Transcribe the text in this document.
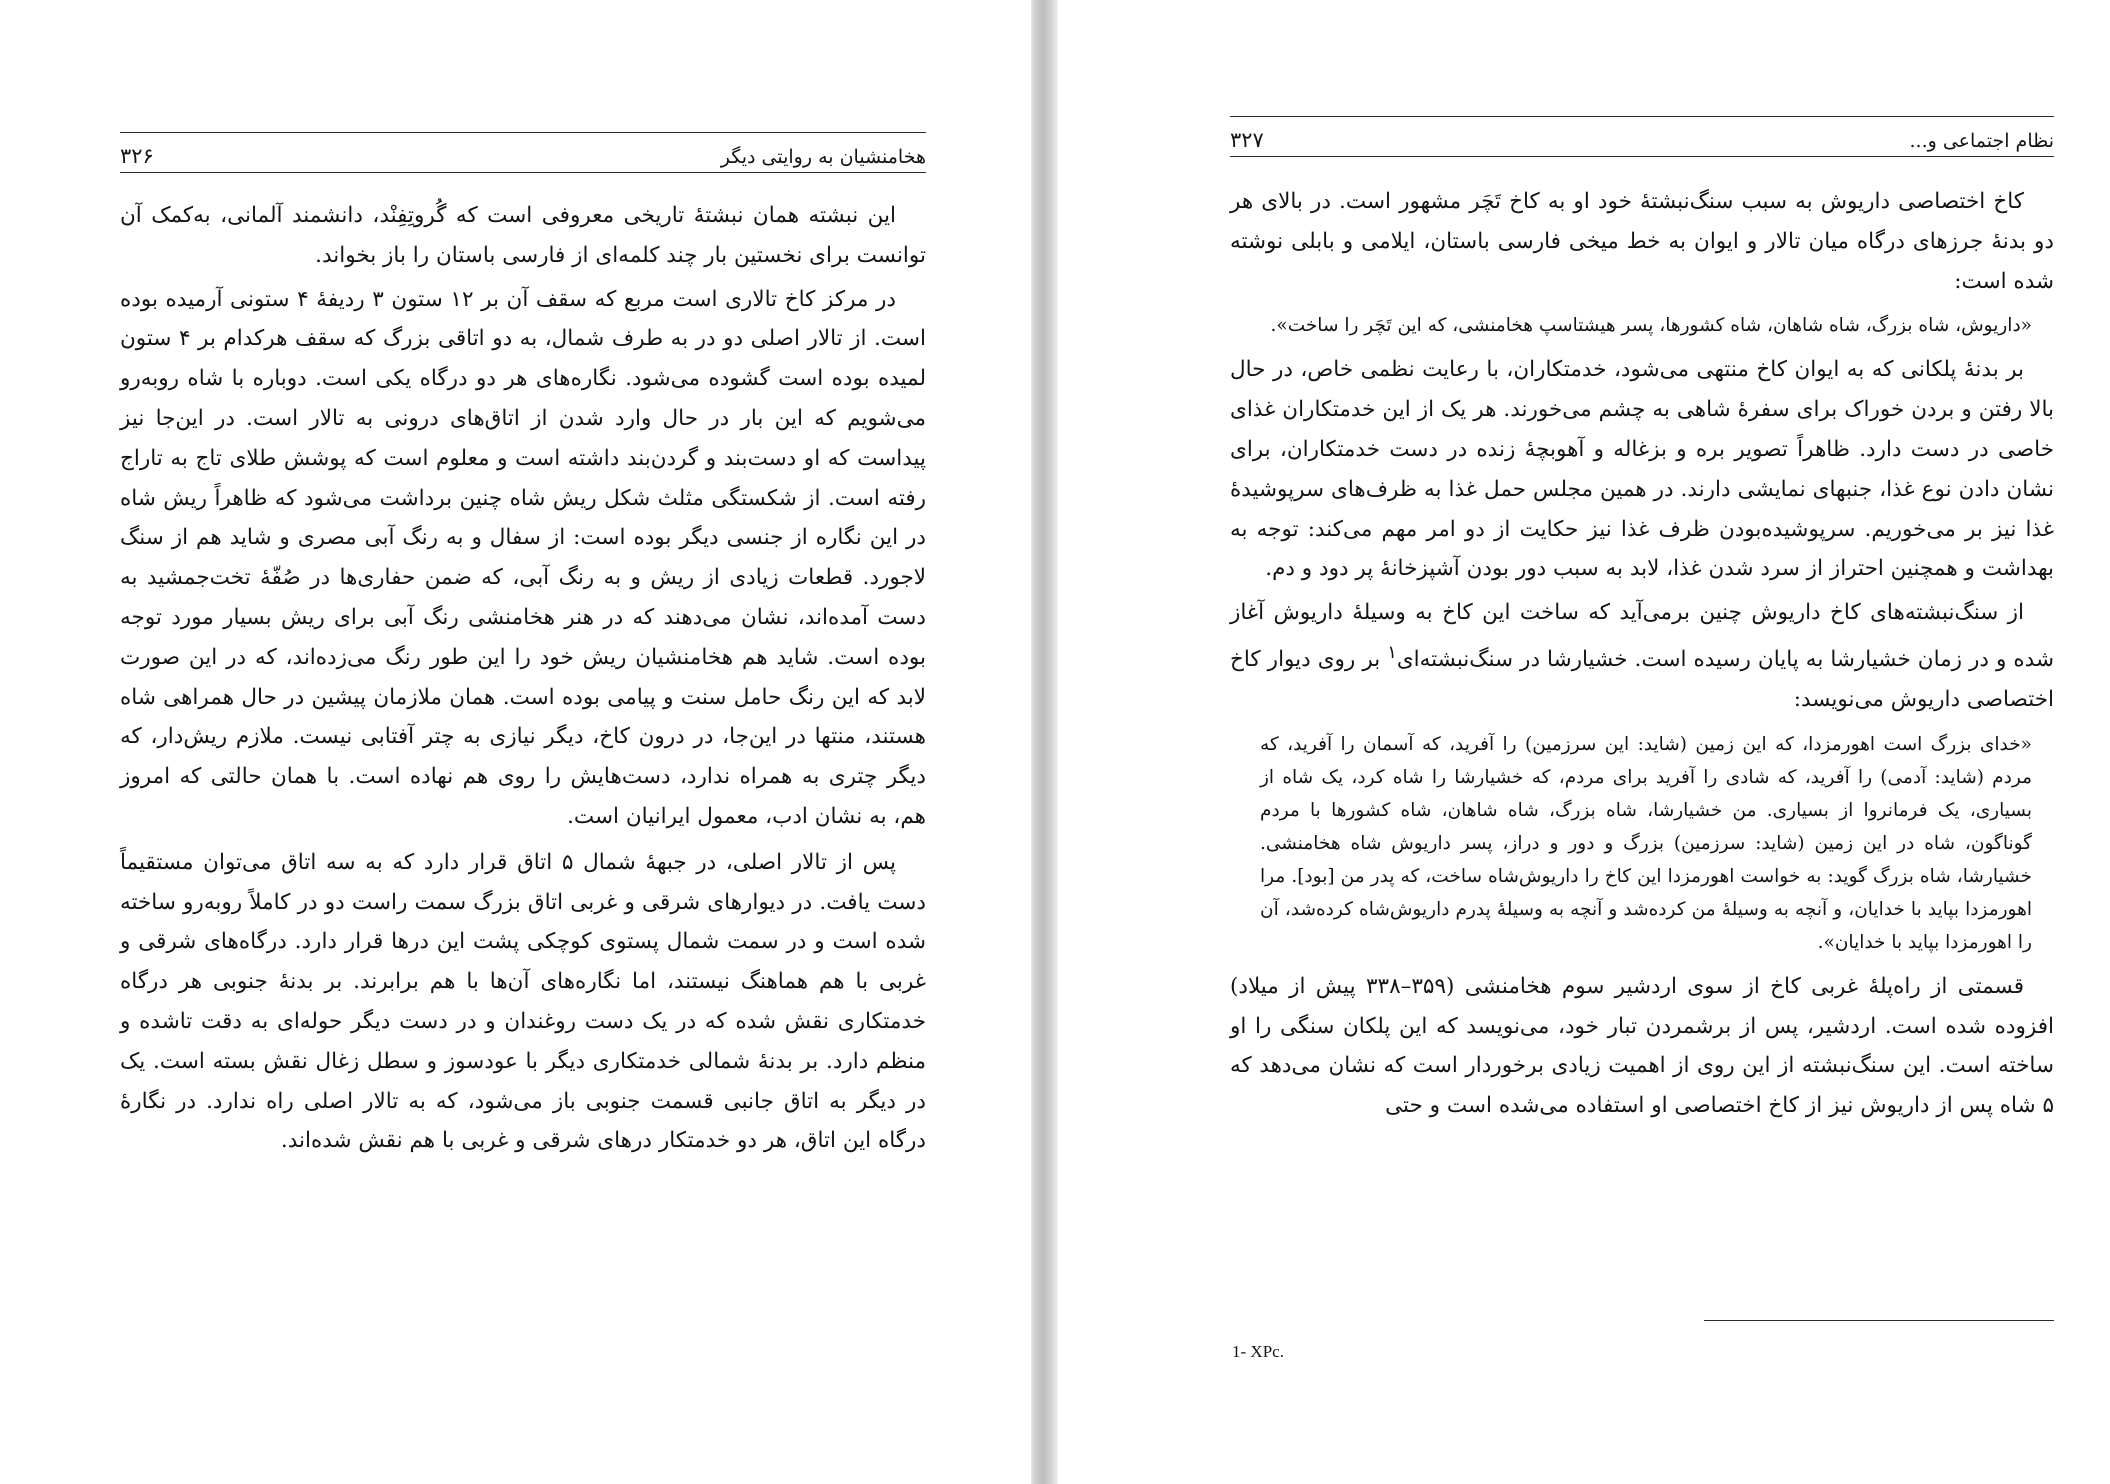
۳۲۶	هخامنشیان به روایتی دیگر

این نبشته همان نبشتهٔ تاریخی معروفی است که گُروتِفِنْد، دانشمند آلمانی، به‌کمک آن توانست برای نخستین بار چند کلمه‌ای از فارسی باستان را باز بخواند.

در مرکز کاخ تالاری است مربع که سقف آن بر ۱۲ ستون ۳ ردیفهٔ ۴ ستونی آرمیده بوده است. از تالار اصلی دو در به طرف شمال، به دو اتاقی بزرگ که سقف هرکدام بر ۴ ستون لمیده بوده است گشوده می‌شود. نگاره‌های هر دو درگاه یکی است. دوباره با شاه روبه‌رو می‌شویم که این بار در حال وارد شدن از اتاق‌های درونی به تالار است. در این‌جا نیز پیداست که او دست‌بند و گردن‌بند داشته است و معلوم است که پوشش طلای تاج به تاراج رفته است. از شکستگی مثلث شکل ریش شاه چنین برداشت می‌شود که ظاهراً ریش شاه در این نگاره از جنسی دیگر بوده است: از سفال و به رنگ آبی مصری و شاید هم از سنگ لاجورد. قطعات زیادی از ریش و به رنگ آبی، که ضمن حفاری‌ها در صُفّهٔ تخت‌جمشید به دست آمده‌اند، نشان می‌دهند که در هنر هخامنشی رنگ آبی برای ریش بسیار مورد توجه بوده است. شاید هم هخامنشیان ریش خود را این طور رنگ می‌زده‌اند، که در این صورت لابد که این رنگ حامل سنت و پیامی بوده است. همان ملازمان پیشین در حال همراهی شاه هستند، منتها در این‌جا، در درون کاخ، دیگر نیازی به چتر آفتابی نیست. ملازم ریش‌دار، که دیگر چتری به همراه ندارد، دست‌هایش را روی هم نهاده است. با همان حالتی که امروز هم، به نشان ادب، معمول ایرانیان است.

پس از تالار اصلی، در جبههٔ شمال ۵ اتاق قرار دارد که به سه اتاق می‌توان مستقیماً دست یافت. در دیوارهای شرقی و غربی اتاق بزرگ سمت راست دو در کاملاً روبه‌رو ساخته شده است و در سمت شمال پستوی کوچکی پشت این درها قرار دارد. درگاه‌های شرقی و غربی با هم هماهنگ نیستند، اما نگاره‌های آن‌ها با هم برابرند. بر بدنهٔ جنوبی هر درگاه خدمتکاری نقش شده که در یک دست روغندان و در دست دیگر حوله‌ای به دقت تاشده و منظم دارد. بر بدنهٔ شمالی خدمتکاری دیگر با عودسوز و سطل زغال نقش بسته است. یک در دیگر به اتاق جانبی قسمت جنوبی باز می‌شود، که به تالار اصلی راه ندارد. در نگارهٔ درگاه این اتاق، هر دو خدمتکار درهای شرقی و غربی با هم نقش شده‌اند.

۳۲۷	نظام اجتماعی و...

کاخ اختصاصی داریوش به سبب سنگ‌نبشتهٔ خود او به کاخ تَچَر مشهور است. در بالای هر دو بدنهٔ جرزهای درگاه میان تالار و ایوان به خط میخی فارسی باستان، ایلامی و بابلی نوشته شده است:

«داریوش، شاه بزرگ، شاه شاهان، شاه کشورها، پسر هیشتاسپ هخامنشی، که این تَچَر را ساخت».

بر بدنهٔ پلکانی که به ایوان کاخ منتهی می‌شود، خدمتکاران، با رعایت نظمی خاص، در حال بالا رفتن و بردن خوراک برای سفرهٔ شاهی به چشم می‌خورند. هر یک از این خدمتکاران غذای خاصی در دست دارد. ظاهراً تصویر بره و بزغاله و آهوبچهٔ زنده در دست خدمتکاران، برای نشان دادن نوع غذا، جنبهای نمایشی دارند. در همین مجلس حمل غذا به ظرف‌های سرپوشیدهٔ غذا نیز بر می‌خوریم. سرپوشیده‌بودن ظرف غذا نیز حکایت از دو امر مهم می‌کند: توجه به بهداشت و همچنین احتراز از سرد شدن غذا، لابد به سبب دور بودن آشپزخانهٔ پر دود و دم.

از سنگ‌نبشته‌های کاخ داریوش چنین برمی‌آید که ساخت این کاخ به وسیلهٔ داریوش آغاز شده و در زمان خشیارشا به پایان رسیده است. خشیارشا در سنگ‌نبشته‌ای$^۱$ بر روی دیوار کاخ اختصاصی داریوش می‌نویسد:

«خدای بزرگ است اهورمزدا، که این زمین (شاید: این سرزمین) را آفرید، که آسمان را آفرید، که مردم (شاید: آدمی) را آفرید، که شادی را آفرید برای مردم، که خشیارشا را شاه کرد، یک شاه از بسیاری، یک فرمانروا از بسیاری. من خشیارشا، شاه بزرگ، شاه شاهان، شاه کشورها با مردم گوناگون، شاه در این زمین (شاید: سرزمین) بزرگ و دور و دراز، پسر داریوش شاه هخامنشی. خشیارشا، شاه بزرگ گوید: به خواست اهورمزدا این کاخ را داریوش‌شاه ساخت، که پدر من [بود]. مرا اهورمزدا بپاید با خدایان، و آنچه به وسیلهٔ من کرده‌شد و آنچه به وسیلهٔ پدرم داریوش‌شاه کرده‌شد، آن را اهورمزدا بپاید با خدایان».

قسمتی از راه‌پلهٔ غربی کاخ از سوی اردشیر سوم هخامنشی (۳۵۹–۳۳۸ پیش از میلاد) افزوده شده است. اردشیر، پس از برشمردن تبار خود، می‌نویسد که این پلکان سنگی را او ساخته است. این سنگ‌نبشته از این روی از اهمیت زیادی برخوردار است که نشان می‌دهد که ۵ شاه پس از داریوش نیز از کاخ اختصاصی او استفاده می‌شده است و حتی

1- XPc.
